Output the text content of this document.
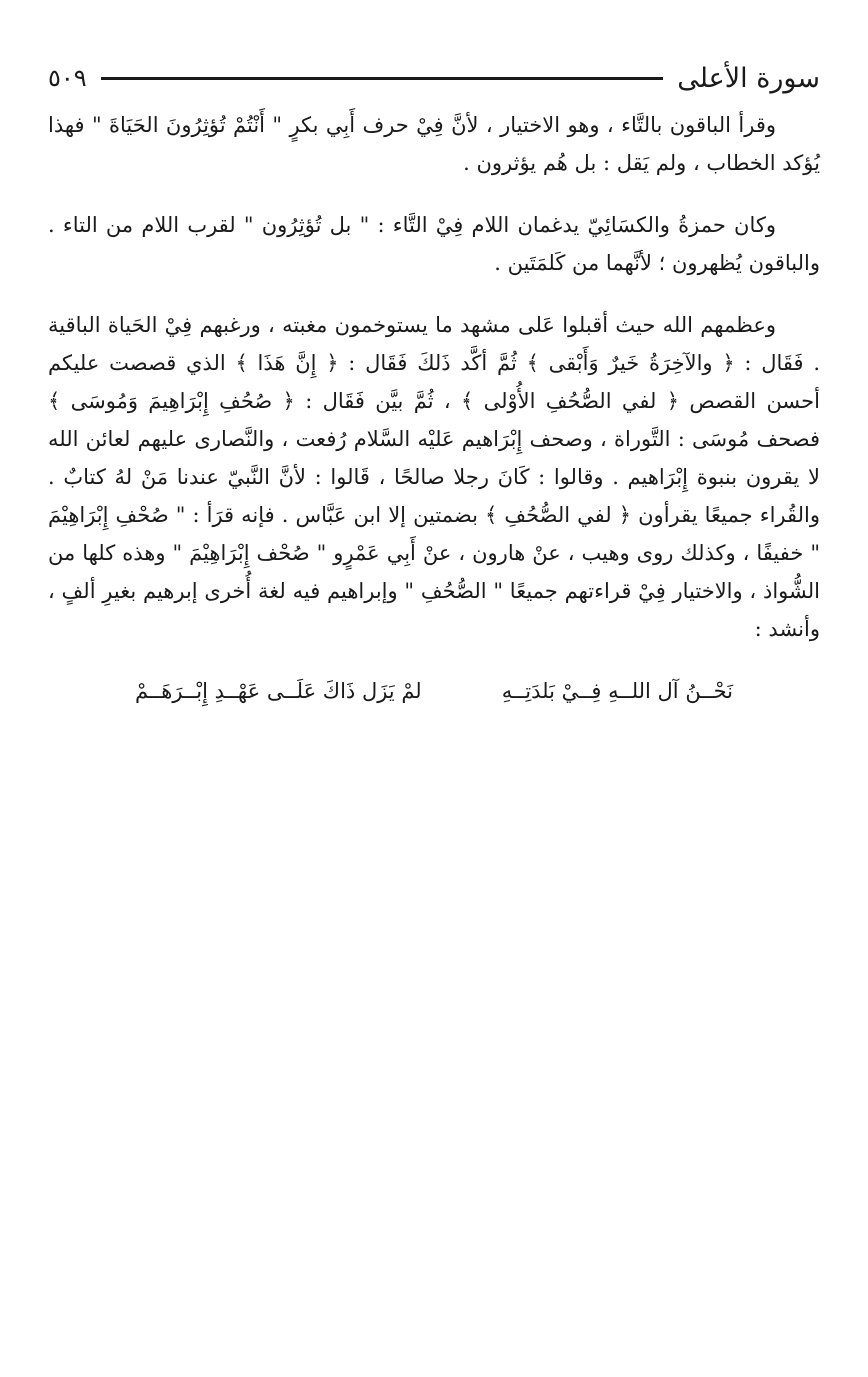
سورة الأعلى
٥٠٩

وقرأ الباقون بالتَّاء ، وهو الاختيار ، لأنَّ فِيْ حرف أَبِي بكرٍ " أَنْتُمْ تُؤثِرُونَ الحَيَاةَ " فهذا يُؤكد الخطاب ، ولم يَقل : بل هُم يؤثرون .

وكان حمزةُ والكسَائِيّ يدغمان اللام فِيْ التَّاء : " بل تُؤثِرُون " لقرب اللام من التاء . والباقون يُظهرون ؛ لأنَّهما من كَلمَتَين .

وعظمهم الله حيث أقبلوا عَلى مشهد ما يستوخمون مغبته ، ورغبهم فِيْ الحَياة الباقية . فَقَال : ﴿ والآخِرَةُ خَيرٌ وَأَبْقى ﴾ ثُمَّ أكَّد ذَلكَ فَقَال : ﴿ إِنَّ هَذَا ﴾ الذي قصصت عليكم أحسن القصص ﴿ لفي الصُّحُفِ الأُوْلى ﴾ ، ثُمَّ بيَّن فَقَال : ﴿ صُحُفِ إِبْرَاهِيمَ وَمُوسَى ﴾ فصحف مُوسَى : التَّوراة ، وصحف إِبْرَاهيم عَليْه السَّلام رُفعت ، والنَّصارى عليهم لعائن الله لا يقرون بنبوة إِبْرَاهيم . وقالوا : كَانَ رجلا صالحًا ، قَالوا : لأنَّ النَّبيّ عندنا مَنْ لهُ كتابٌ . والقُراء جميعًا يقرأون ﴿ لفي الصُّحُفِ ﴾ بضمتين إلا ابن عَبَّاس . فإنه قرَأ : " صُحْفِ إِبْرَاهِيْمَ " خفيفًا ، وكذلك روى وهيب ، عنْ هارون ، عنْ أَبِي عَمْرٍو " صُحْف إِبْرَاهِيْمَ " وهذه كلها من الشُّواذ ، والاختيار فِيْ قراءتهم جميعًا " الصُّحُفِ " وإبراهيم فيه لغة أُخرى إبرهيم بغيرِ ألفٍ ، وأنشد :

نَحْــنُ آل اللــهِ فِــيْ بَلدَتِــهِ
لمْ يَزَل ذَاكَ عَلَــى عَهْــدِ إِبْــرَهَــمْ
